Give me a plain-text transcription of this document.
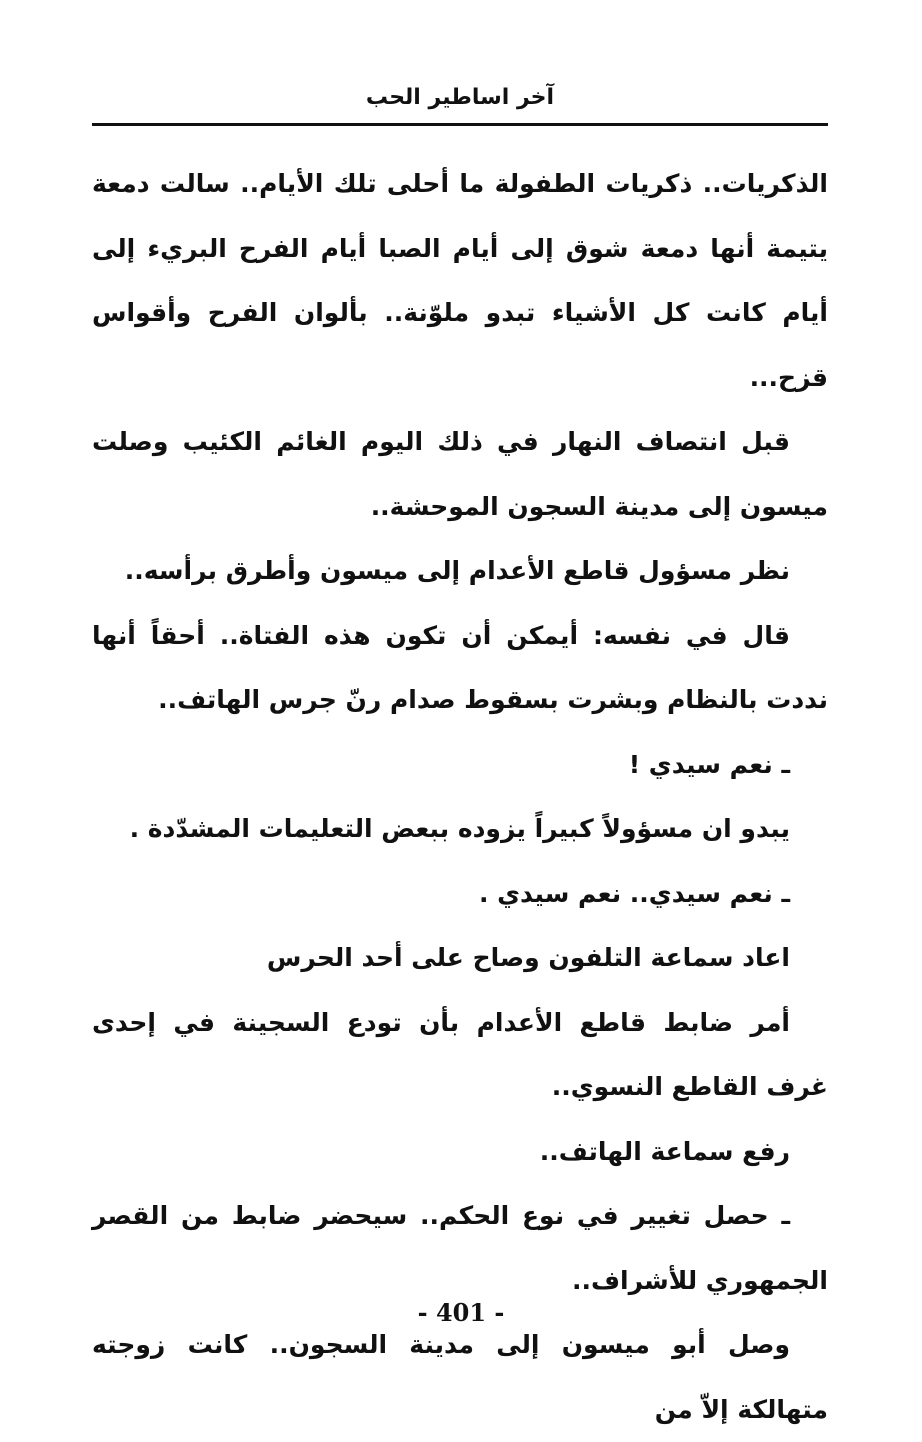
آخر اساطير الحب

الذكريات.. ذكريات الطفولة ما أحلى تلك الأيام.. سالت دمعة يتيمة أنها دمعة شوق إلى أيام الصبا أيام الفرح البريء إلى أيام كانت كل الأشياء تبدو ملوّنة.. بألوان الفرح وأقواس قزح...

قبل انتصاف النهار في ذلك اليوم الغائم الكئيب وصلت ميسون إلى مدينة السجون الموحشة..

نظر مسؤول قاطع الأعدام إلى ميسون وأطرق برأسه..

قال في نفسه: أيمكن أن تكون هذه الفتاة.. أحقاً أنها نددت بالنظام وبشرت بسقوط صدام رنّ جرس الهاتف..

ـ نعم سيدي !

يبدو ان مسؤولاً كبيراً يزوده ببعض التعليمات المشدّدة .

ـ نعم سيدي.. نعم سيدي .

اعاد سماعة التلفون وصاح على أحد الحرس

أمر ضابط قاطع الأعدام بأن تودع السجينة في إحدى غرف القاطع النسوي..

رفع سماعة الهاتف..

ـ حصل تغيير في نوع الحكم.. سيحضر ضابط من القصر الجمهوري للأشراف..

وصل أبو ميسون إلى مدينة السجون.. كانت زوجته متهالكة إلاّ من

- 401 -
